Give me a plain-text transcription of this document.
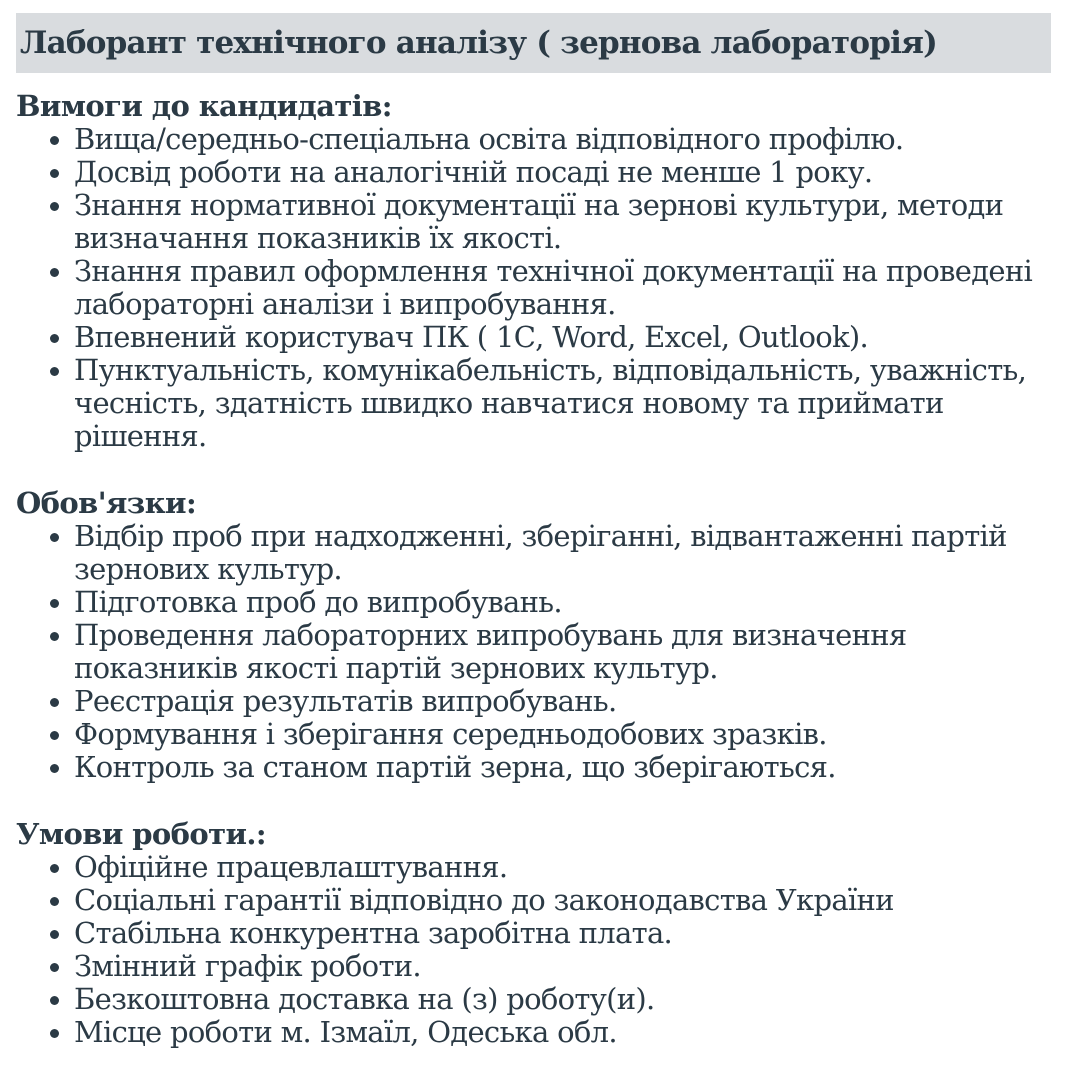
Лаборант технічного аналізу ( зернова лабораторія)
Вимоги до кандидатів:
Вища/середньо-спеціальна освіта відповідного профілю.
Досвід роботи на аналогічній посаді не менше 1 року.
Знання нормативної документації на зернові культури, методи визначання показників їх якості.
Знання правил оформлення технічної документації на проведені лабораторні аналізи і випробування.
Впевнений користувач ПК ( 1С, Word, Excel, Outlook).
Пунктуальність, комунікабельність, відповідальність, уважність, чесність, здатність швидко навчатися новому та приймати рішення.
Обов'язки:
Відбір проб при надходженні, зберіганні, відвантаженні партій зернових культур.
Підготовка проб до випробувань.
Проведення лабораторних випробувань для визначення показників якості партій зернових культур.
Реєстрація результатів випробувань.
Формування і зберігання середньодобових зразків.
Контроль за станом партій зерна, що зберігаються.
Умови роботи.:
Офіційне працевлаштування.
Соціальні гарантії відповідно до законодавства України
Стабільна конкурентна заробітна плата.
Змінний графік роботи.
Безкоштовна доставка на (з) роботу(и).
Місце роботи м. Ізмаїл, Одеська обл.
